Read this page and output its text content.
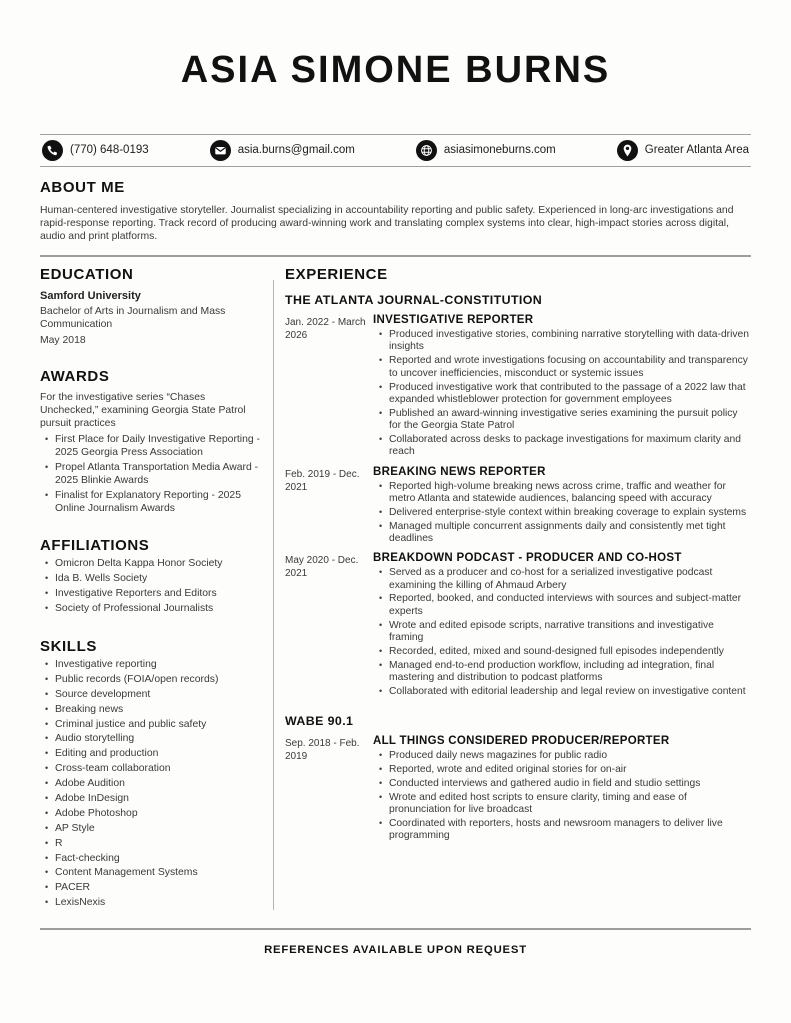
ASIA SIMONE BURNS
(770) 648-0193	asia.burns@gmail.com	asiasimoneburns.com	Greater Atlanta Area
ABOUT ME

Human-centered investigative storyteller. Journalist specializing in accountability reporting and public safety. Experienced in long-arc investigations and rapid-response reporting. Track record of producing award-winning work and translating complex systems into clear, high-impact stories across digital, audio and print platforms.

EDUCATION
Samford University
Bachelor of Arts in Journalism and Mass Communication
May 2018
AWARDS

For the investigative series “Chases Unchecked,” examining Georgia State Patrol pursuit practices

• First Place for Daily Investigative Reporting - 2025 Georgia Press Association
• Propel Atlanta Transportation Media Award - 2025 Blinkie Awards
• Finalist for Explanatory Reporting - 2025 Online Journalism Awards
AFFILIATIONS
• Omicron Delta Kappa Honor Society
• Ida B. Wells Society
• Investigative Reporters and Editors
• Society of Professional Journalists
SKILLS
• Investigative reporting
• Public records (FOIA/open records)
• Source development
• Breaking news
• Criminal justice and public safety
• Audio storytelling
• Editing and production
• Cross-team collaboration
• Adobe Audition
• Adobe InDesign
• Adobe Photoshop
• AP Style
• R
• Fact-checking
• Content Management Systems
• PACER
• LexisNexis
EXPERIENCE
THE ATLANTA JOURNAL-CONSTITUTION
Jan. 2022 - March 2026
INVESTIGATIVE REPORTER
• Produced investigative stories, combining narrative storytelling with data-driven insights
• Reported and wrote investigations focusing on accountability and transparency to uncover inefficiencies, misconduct or systemic issues
• Produced investigative work that contributed to the passage of a 2022 law that expanded whistleblower protection for government employees
• Published an award-winning investigative series examining the pursuit policy for the Georgia State Patrol
• Collaborated across desks to package investigations for maximum clarity and reach
Feb. 2019 - Dec. 2021
BREAKING NEWS REPORTER
• Reported high-volume breaking news across crime, traffic and weather for metro Atlanta and statewide audiences, balancing speed with accuracy
• Delivered enterprise-style context within breaking coverage to explain systems
• Managed multiple concurrent assignments daily and consistently met tight deadlines
May 2020 - Dec. 2021
BREAKDOWN PODCAST - PRODUCER AND CO-HOST
• Served as a producer and co-host for a serialized investigative podcast examining the killing of Ahmaud Arbery
• Reported, booked, and conducted interviews with sources and subject-matter experts
• Wrote and edited episode scripts, narrative transitions and investigative framing
• Recorded, edited, mixed and sound-designed full episodes independently
• Managed end-to-end production workflow, including ad integration, final mastering and distribution to podcast platforms
• Collaborated with editorial leadership and legal review on investigative content
WABE 90.1
Sep. 2018 - Feb. 2019
ALL THINGS CONSIDERED PRODUCER/REPORTER
• Produced daily news magazines for public radio
• Reported, wrote and edited original stories for on-air
• Conducted interviews and gathered audio in field and studio settings
• Wrote and edited host scripts to ensure clarity, timing and ease of pronunciation for live broadcast
• Coordinated with reporters, hosts and newsroom managers to deliver live programming
REFERENCES AVAILABLE UPON REQUEST
